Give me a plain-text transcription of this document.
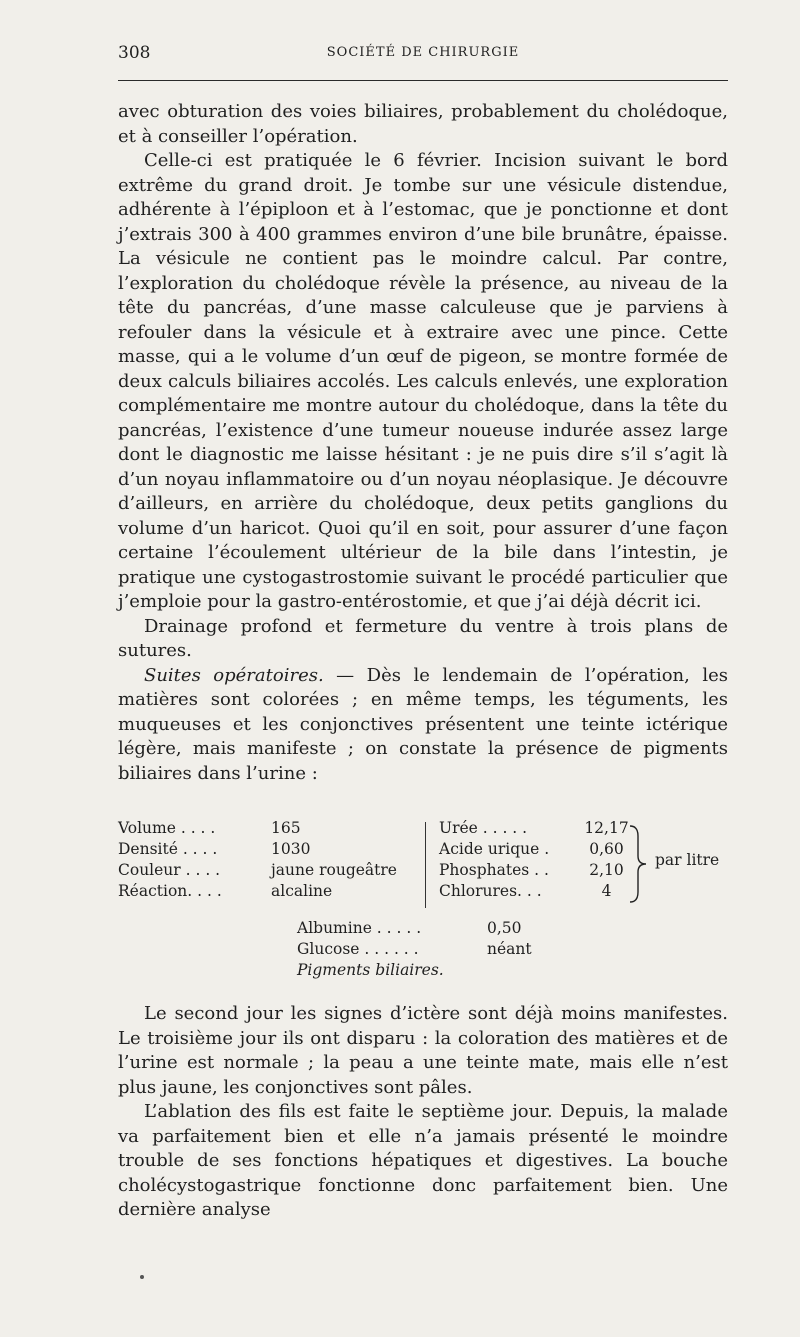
308	SOCIÉTÉ DE CHIRURGIE

avec obturation des voies biliaires, probablement du cholédoque, et à conseiller l’opération.

Celle-ci est pratiquée le 6 février. Incision suivant le bord extrême du grand droit. Je tombe sur une vésicule distendue, adhérente à l’épiploon et à l’estomac, que je ponctionne et dont j’extrais 300 à 400 grammes environ d’une bile brunâtre, épaisse. La vésicule ne contient pas le moindre calcul. Par contre, l’exploration du cholédoque révèle la présence, au niveau de la tête du pancréas, d’une masse calculeuse que je parviens à refouler dans la vésicule et à extraire avec une pince. Cette masse, qui a le volume d’un œuf de pigeon, se montre formée de deux calculs biliaires accolés. Les calculs enlevés, une exploration complémentaire me montre autour du cholédoque, dans la tête du pancréas, l’existence d’une tumeur noueuse indurée assez large dont le diagnostic me laisse hésitant : je ne puis dire s’il s’agit là d’un noyau inflammatoire ou d’un noyau néoplasique. Je découvre d’ailleurs, en arrière du cholédoque, deux petits ganglions du volume d’un haricot. Quoi qu’il en soit, pour assurer d’une façon certaine l’écoulement ultérieur de la bile dans l’intestin, je pratique une cystogastrostomie suivant le procédé particulier que j’emploie pour la gastro-entérostomie, et que j’ai déjà décrit ici.

Drainage profond et fermeture du ventre à trois plans de sutures.

Suites opératoires. — Dès le lendemain de l’opération, les matières sont colorées ; en même temps, les téguments, les muqueuses et les conjonctives présentent une teinte ictérique légère, mais manifeste ; on constate la présence de pigments biliaires dans l’urine :

Volume . . . .	165
Densité . . . .	1030
Couleur . . . .	jaune rougeâtre
Réaction. . . .	alcaline
Urée . . . . .	12,17
Acide urique .	0,60
Phosphates . .	2,10
Chlorures. . .	4
par litre
Albumine . . . . .	0,50
Glucose . . . . . .	néant
Pigments biliaires.

Le second jour les signes d’ictère sont déjà moins manifestes. Le troisième jour ils ont disparu : la coloration des matières et de l’urine est normale ; la peau a une teinte mate, mais elle n’est plus jaune, les conjonctives sont pâles.

L’ablation des fils est faite le septième jour. Depuis, la malade va parfaitement bien et elle n’a jamais présenté le moindre trouble de ses fonctions hépatiques et digestives. La bouche cholécystogastrique fonctionne donc parfaitement bien. Une dernière analyse
